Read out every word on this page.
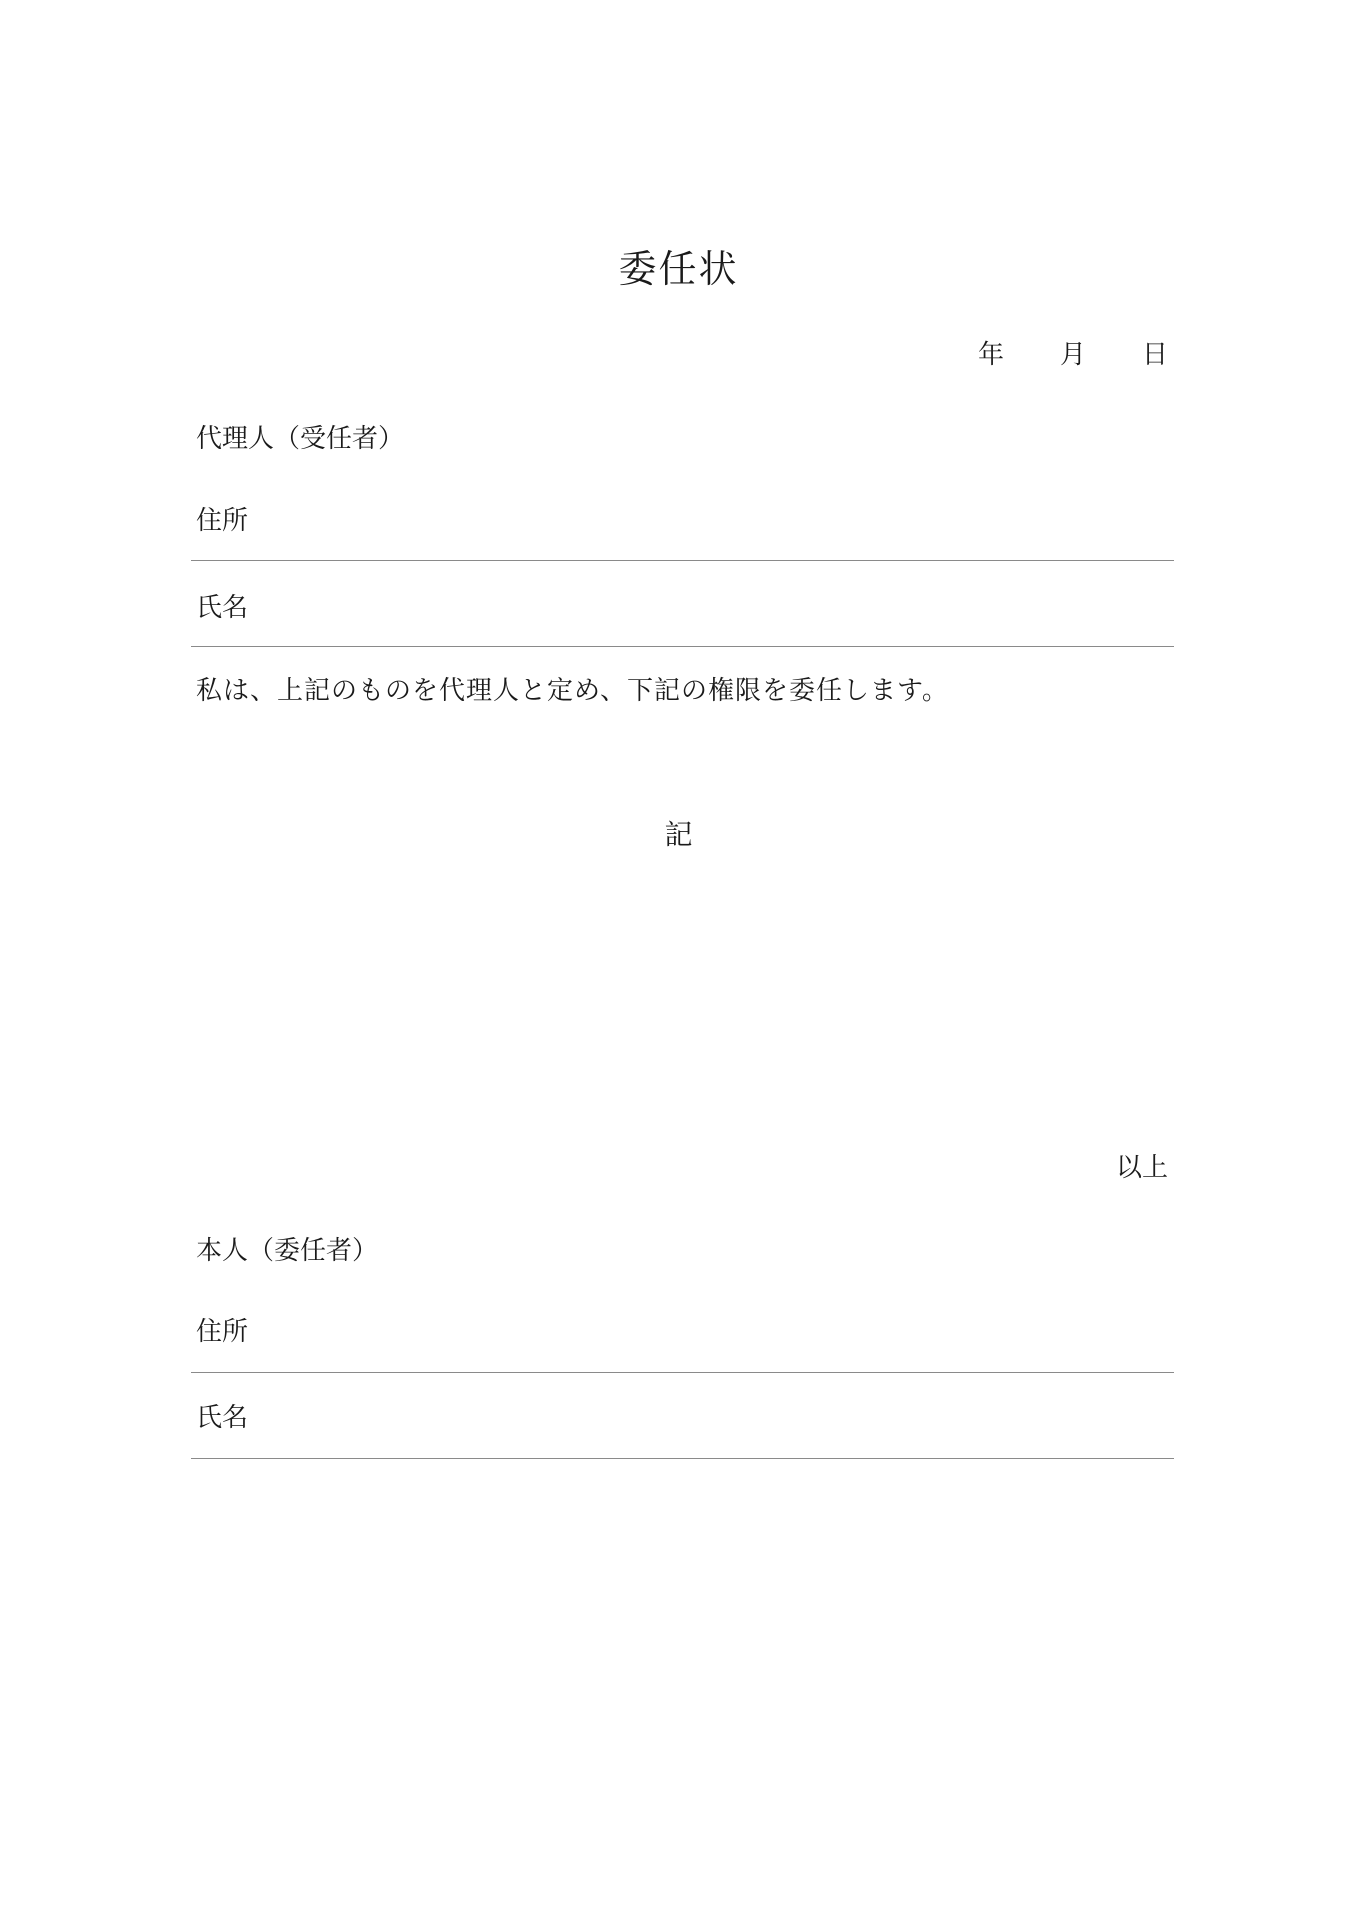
委任状
年 月 日
代理人（受任者）
住所
氏名
私は、上記のものを代理人と定め、下記の権限を委任します。
記
以上
本人（委任者）
住所
氏名
